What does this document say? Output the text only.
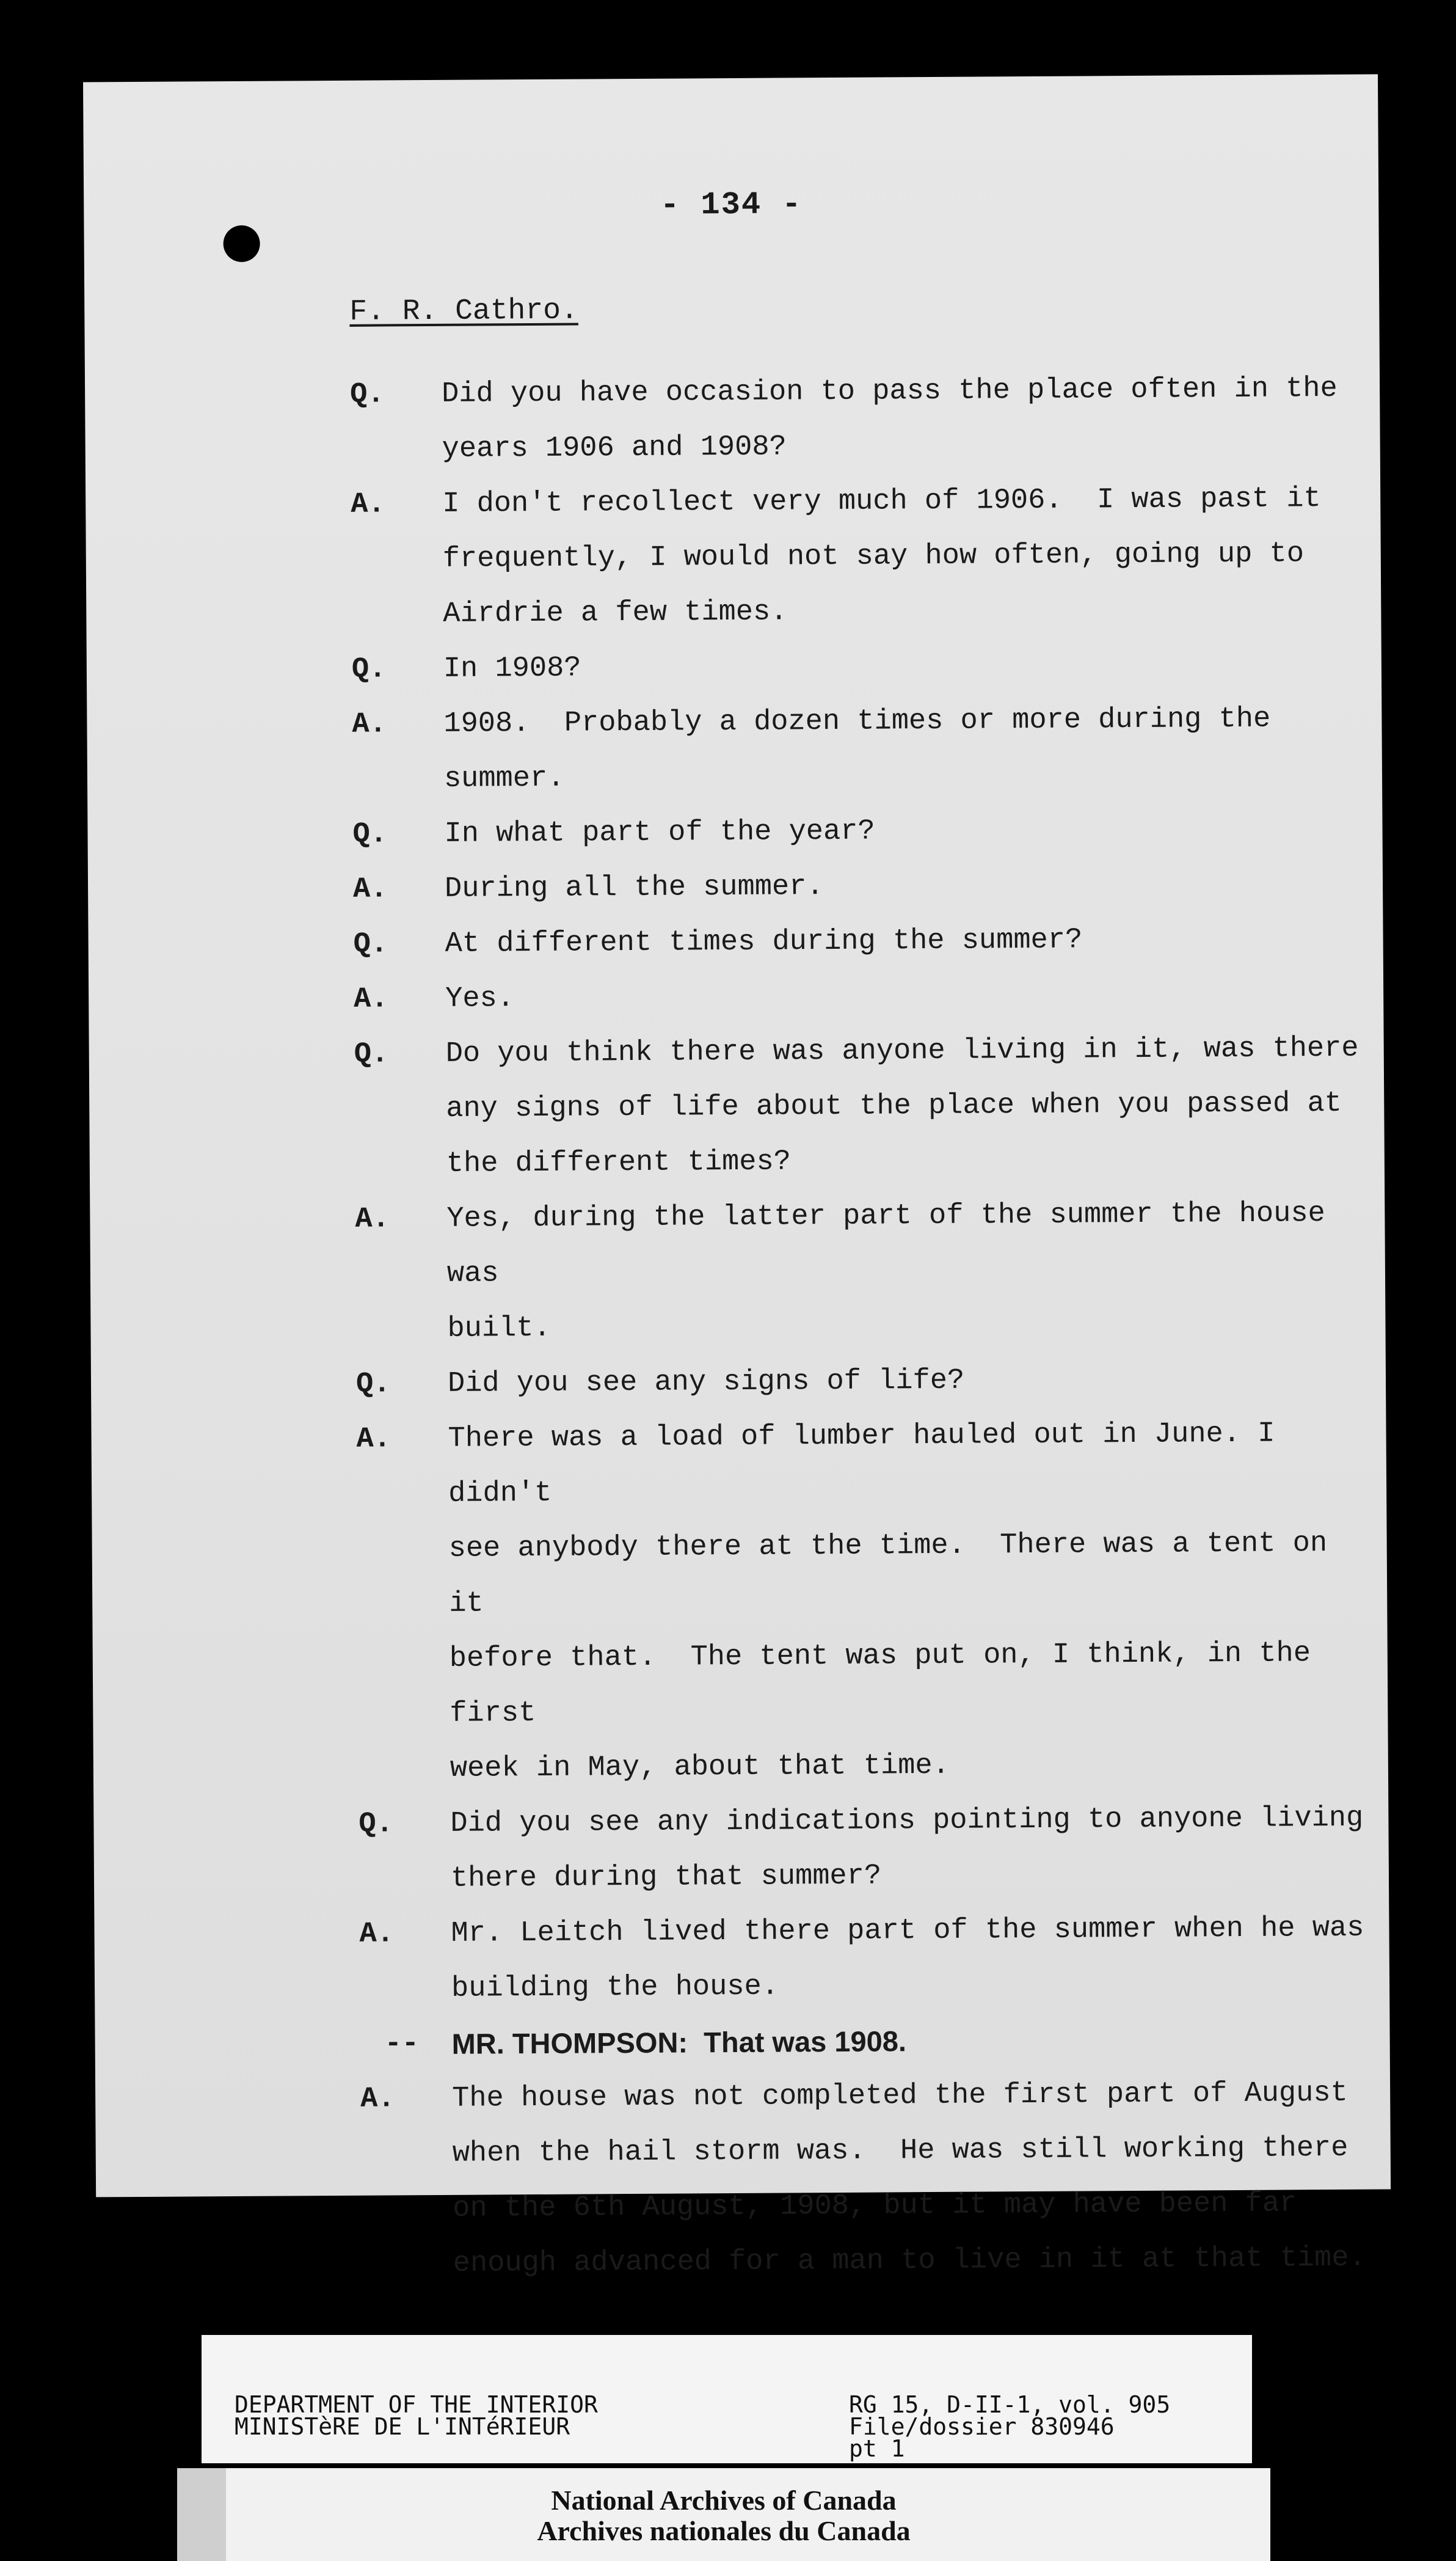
- 134 -
F. R. Cathro.
Q.	Did you have occasion to pass the place often in the
years 1906 and 1908?
A.	I don't recollect very much of 1906.  I was past it
frequently, I would not say how often, going up to
Airdrie a few times.
Q.	In 1908?
A.	1908.  Probably a dozen times or more during the summer.
Q.	In what part of the year?
A.	During all the summer.
Q.	At different times during the summer?
A.	Yes.
Q.	Do you think there was anyone living in it, was there
any signs of life about the place when you passed at
the different times?
A.	Yes, during the latter part of the summer the house was
built.
Q.	Did you see any signs of life?
A.	There was a load of lumber hauled out in June. I didn't
see anybody there at the time.  There was a tent on it
before that.  The tent was put on, I think, in the first
week in May, about that time.
Q.	Did you see any indications pointing to anyone living
there during that summer?
A.	Mr. Leitch lived there part of the summer when he was
building the house.
--	MR. THOMPSON:  That was 1908.
A.	The house was not completed the first part of August
when the hail storm was.  He was still working there
on the 6th August, 1908, but it may have been far
enough advanced for a man to live in it at that time.
DEPARTMENT OF THE INTERIOR
MINISTèRE DE L'INTéRIEUR
RG 15, D-II-1, vol. 905
File/dossier 830946
pt 1
National Archives of Canada
Archives nationales du Canada
